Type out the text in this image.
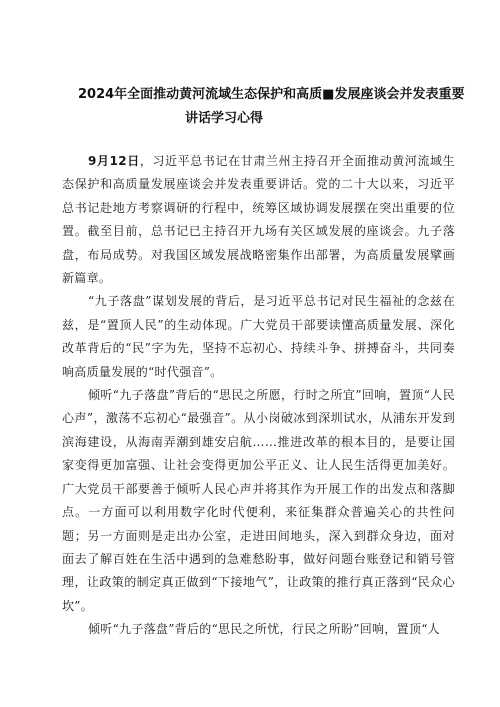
2024年全面推动黄河流域生态保护和高质■发展座谈会并发表重要
讲话学习心得

9月12日，习近平总书记在甘肃兰州主持召开全面推动黄河流域生态保护和高质量发展座谈会并发表重要讲话。党的二十大以来，习近平总书记赴地方考察调研的行程中，统筹区域协调发展摆在突出重要的位置。截至目前，总书记已主持召开九场有关区域发展的座谈会。九子落盘，布局成势。对我国区域发展战略密集作出部署，为高质量发展擘画新篇章。

“九子落盘”谋划发展的背后，是习近平总书记对民生福祉的念兹在兹，是“置顶人民”的生动体现。广大党员干部要读懂高质量发展、深化改革背后的“民”字为先，坚持不忘初心、持续斗争、拼搏奋斗，共同奏响高质量发展的“时代强音”。

倾听“九子落盘”背后的“思民之所愿，行时之所宜”回响，置顶“人民心声”，激荡不忘初心“最强音”。从小岗破冰到深圳试水，从浦东开发到滨海建设，从海南弄潮到雄安启航……推进改革的根本目的，是要让国家变得更加富强、让社会变得更加公平正义、让人民生活得更加美好。广大党员干部要善于倾听人民心声并将其作为开展工作的出发点和落脚点。一方面可以利用数字化时代便利，来征集群众普遍关心的共性问题；另一方面则是走出办公室，走进田间地头，深入到群众身边，面对面去了解百姓在生活中遇到的急难愁盼事，做好问题台账登记和销号管理，让政策的制定真正做到“下接地气”，让政策的推行真正落到“民众心坎”。

倾听“九子落盘”背后的“思民之所忧，行民之所盼”回响，置顶“人
